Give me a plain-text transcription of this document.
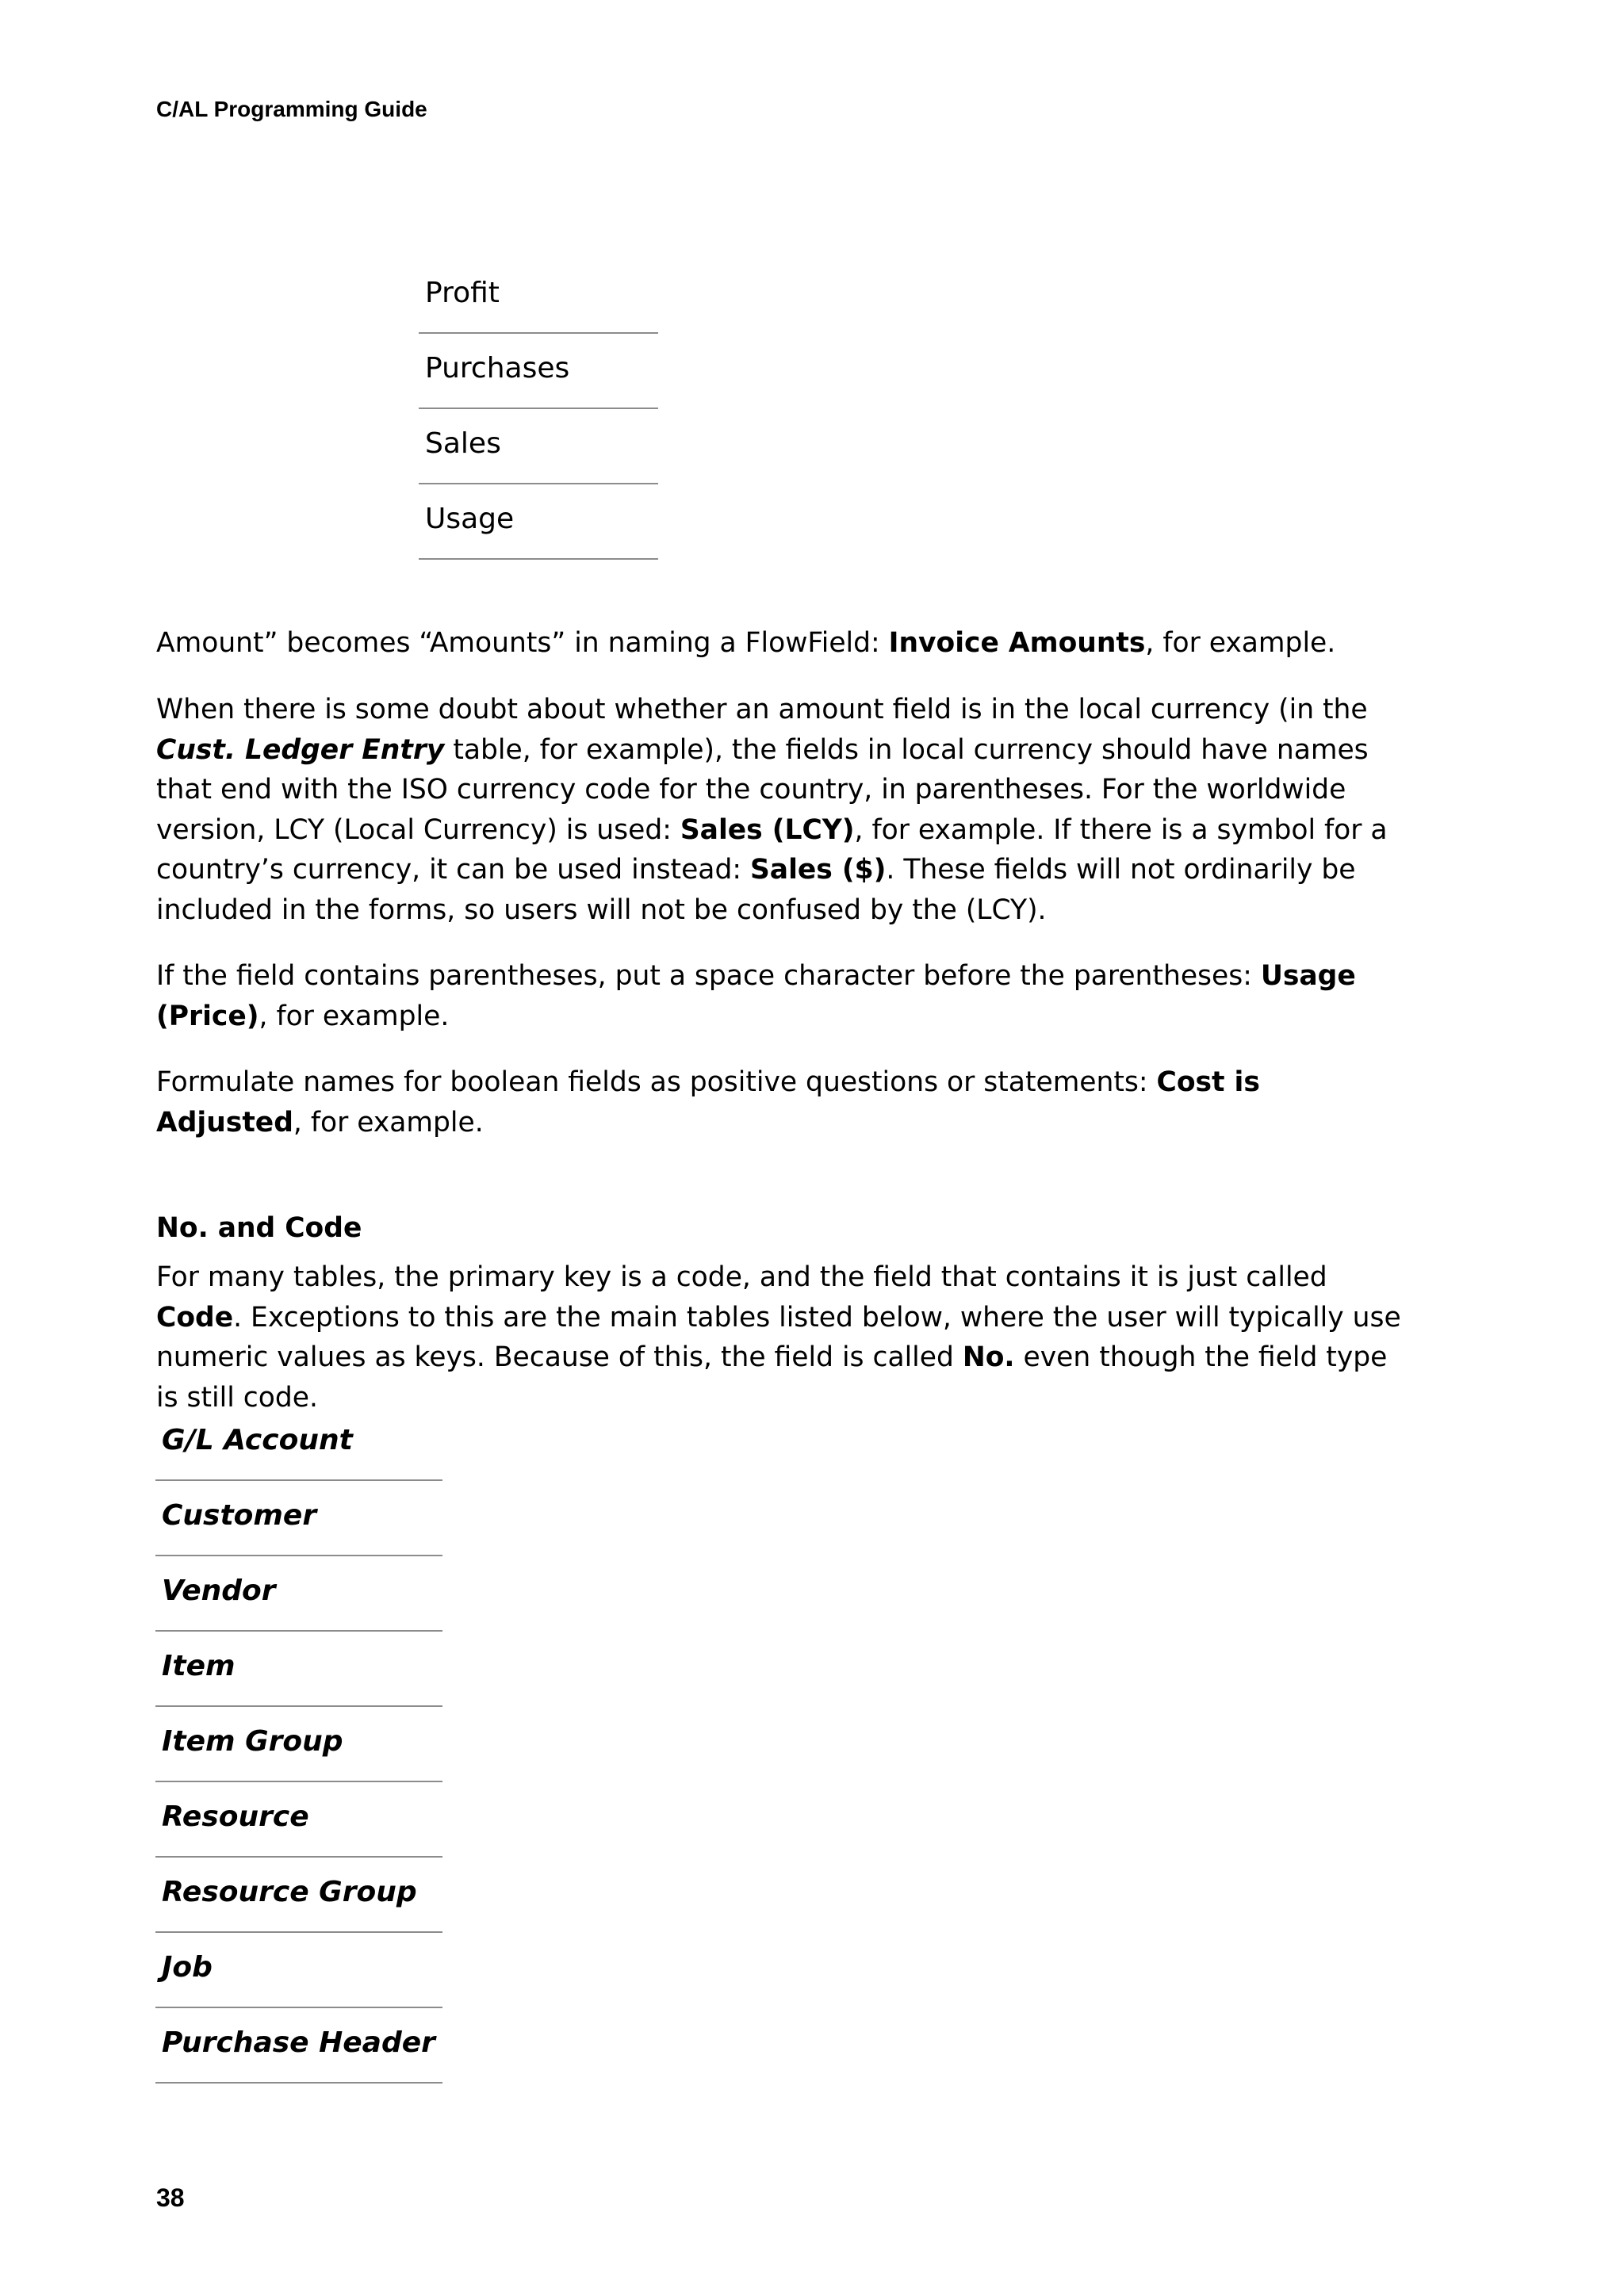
C/AL Programming Guide
Profit
Purchases
Sales
Usage

Amount” becomes “Amounts” in naming a FlowField: Invoice Amounts, for example.

When there is some doubt about whether an amount field is in the local currency (in the Cust. Ledger Entry table, for example), the fields in local currency should have names that end with the ISO currency code for the country, in parentheses. For the worldwide version, LCY (Local Currency) is used: Sales (LCY), for example. If there is a symbol for a country’s currency, it can be used instead: Sales ($). These fields will not ordinarily be included in the forms, so users will not be confused by the (LCY).

If the field contains parentheses, put a space character before the parentheses: Usage (Price), for example.

Formulate names for boolean fields as positive questions or statements: Cost is Adjusted, for example.

No. and Code

For many tables, the primary key is a code, and the field that contains it is just called Code. Exceptions to this are the main tables listed below, where the user will typically use numeric values as keys. Because of this, the field is called No. even though the field type is still code.

G/L Account
Customer
Vendor
Item
Item Group
Resource
Resource Group
Job
Purchase Header
38
